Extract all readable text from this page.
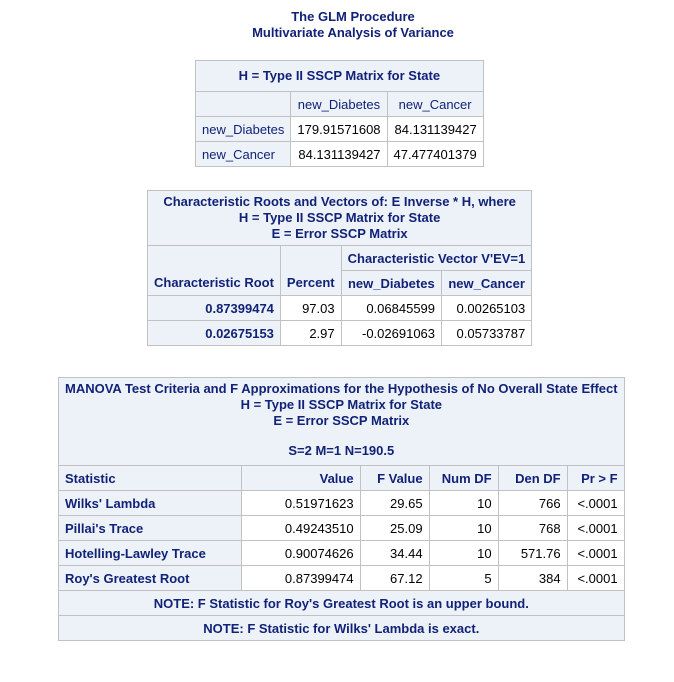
The GLM Procedure
Multivariate Analysis of Variance
H = Type II SSCP Matrix for State		
	new_Diabetes	new_Cancer
new_Diabetes	179.91571608	84.131139427
new_Cancer	84.131139427	47.477401379
Characteristic Roots and Vectors of: E Inverse * H, where
H = Type II SSCP Matrix for State
E = Error SSCP Matrix			

Characteristic Root	Percent	Characteristic Vector V'EV=1	
		new_Diabetes	new_Cancer
0.87399474	97.03	0.06845599	0.00265103
0.02675153	2.97	-0.02691063	0.05733787
MANOVA Test Criteria and F Approximations for the Hypothesis of No Overall State Effect
H = Type II SSCP Matrix for State
E = Error SSCP Matrix
S=2 M=1 N=190.5					

Statistic	Value	F Value	Num DF	Den DF	Pr > F
Wilks' Lambda	0.51971623	29.65	10	766	<.0001
Pillai's Trace	0.49243510	25.09	10	768	<.0001
Hotelling-Lawley Trace	0.90074626	34.44	10	571.76	<.0001
Roy's Greatest Root	0.87399474	67.12	5	384	<.0001
NOTE: F Statistic for Roy's Greatest Root is an upper bound.					
NOTE: F Statistic for Wilks' Lambda is exact.					
